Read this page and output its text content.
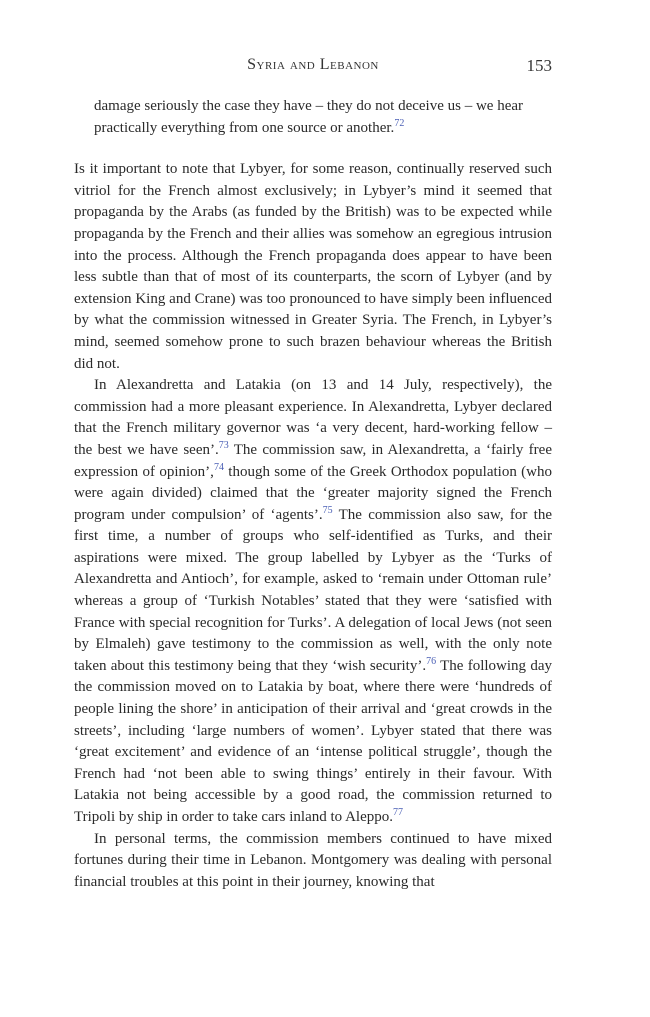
Syria and Lebanon	153
damage seriously the case they have – they do not deceive us – we hear practically everything from one source or another.$^{72}$

Is it important to note that Lybyer, for some reason, continually reserved such vitriol for the French almost exclusively; in Lybyer’s mind it seemed that propaganda by the Arabs (as funded by the British) was to be expected while propaganda by the French and their allies was somehow an egregious intrusion into the process. Although the French propaganda does appear to have been less subtle than that of most of its counterparts, the scorn of Lybyer (and by extension King and Crane) was too pronounced to have simply been influenced by what the commission witnessed in Greater Syria. The French, in Lybyer’s mind, seemed somehow prone to such brazen behaviour whereas the British did not.

In Alexandretta and Latakia (on 13 and 14 July, respectively), the commission had a more pleasant experience. In Alexandretta, Lybyer declared that the French military governor was ‘a very decent, hard-working fellow – the best we have seen’.$^{73}$ The commission saw, in Alexandretta, a ‘fairly free expression of opinion’,$^{74}$ though some of the Greek Orthodox population (who were again divided) claimed that the ‘greater majority signed the French program under compulsion’ of ‘agents’.$^{75}$ The commission also saw, for the first time, a number of groups who self-identified as Turks, and their aspirations were mixed. The group labelled by Lybyer as the ‘Turks of Alexandretta and Antioch’, for example, asked to ‘remain under Ottoman rule’ whereas a group of ‘Turkish Notables’ stated that they were ‘satisfied with France with special recognition for Turks’. A delegation of local Jews (not seen by Elmaleh) gave testimony to the commission as well, with the only note taken about this testimony being that they ‘wish security’.$^{76}$ The following day the commission moved on to Latakia by boat, where there were ‘hundreds of people lining the shore’ in anticipation of their arrival and ‘great crowds in the streets’, including ‘large numbers of women’. Lybyer stated that there was ‘great excitement’ and evidence of an ‘intense political struggle’, though the French had ‘not been able to swing things’ entirely in their favour. With Latakia not being accessible by a good road, the commission returned to Tripoli by ship in order to take cars inland to Aleppo.$^{77}$

In personal terms, the commission members continued to have mixed fortunes during their time in Lebanon. Montgomery was dealing with personal financial troubles at this point in their journey, knowing that
